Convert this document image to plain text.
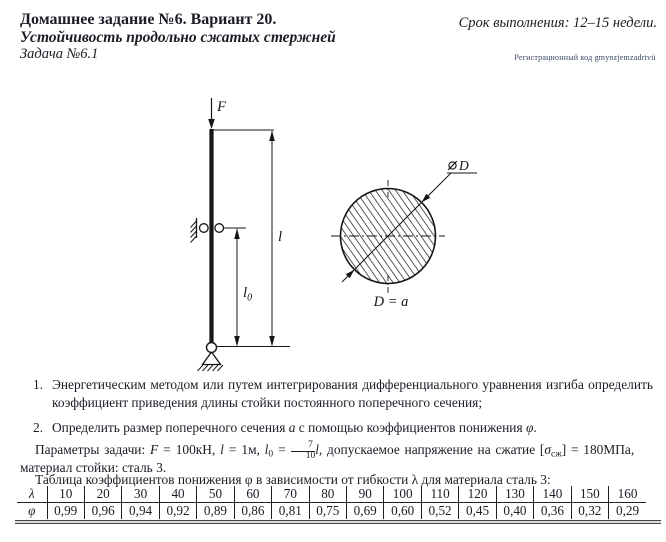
Домашнее задание №6. Вариант 20.
Устойчивость продольно сжатых стержней
Задача №6.1
Срок выполнения: 12–15 недели.
Регистрационный код gmynzjemzadrtvii
F
l
$l_0$
D
D = a
1. Энергетическим методом или путем интегрирования дифференциального уравнения изгиба определить коэффициент приведения длины стойки постоянного поперечного сечения;
2. Определить размер поперечного сечения a с помощью коэффициентов понижения φ.
Параметры задачи: F = 100кН, l = 1м, $l_0 = \frac{7}{10} l$, допускаемое напряжение на сжатие $[\sigma_{сж}] = 180МПа$,
материал стойки: сталь 3.
Таблица коэффициентов понижения φ в зависимости от гибкости λ для материала сталь 3:
λ	10	20	30	40	50	60	70	80	90	100	110	120	130	140	150	160
φ	0,99	0,96	0,94	0,92	0,89	0,86	0,81	0,75	0,69	0,60	0,52	0,45	0,40	0,36	0,32	0,29
